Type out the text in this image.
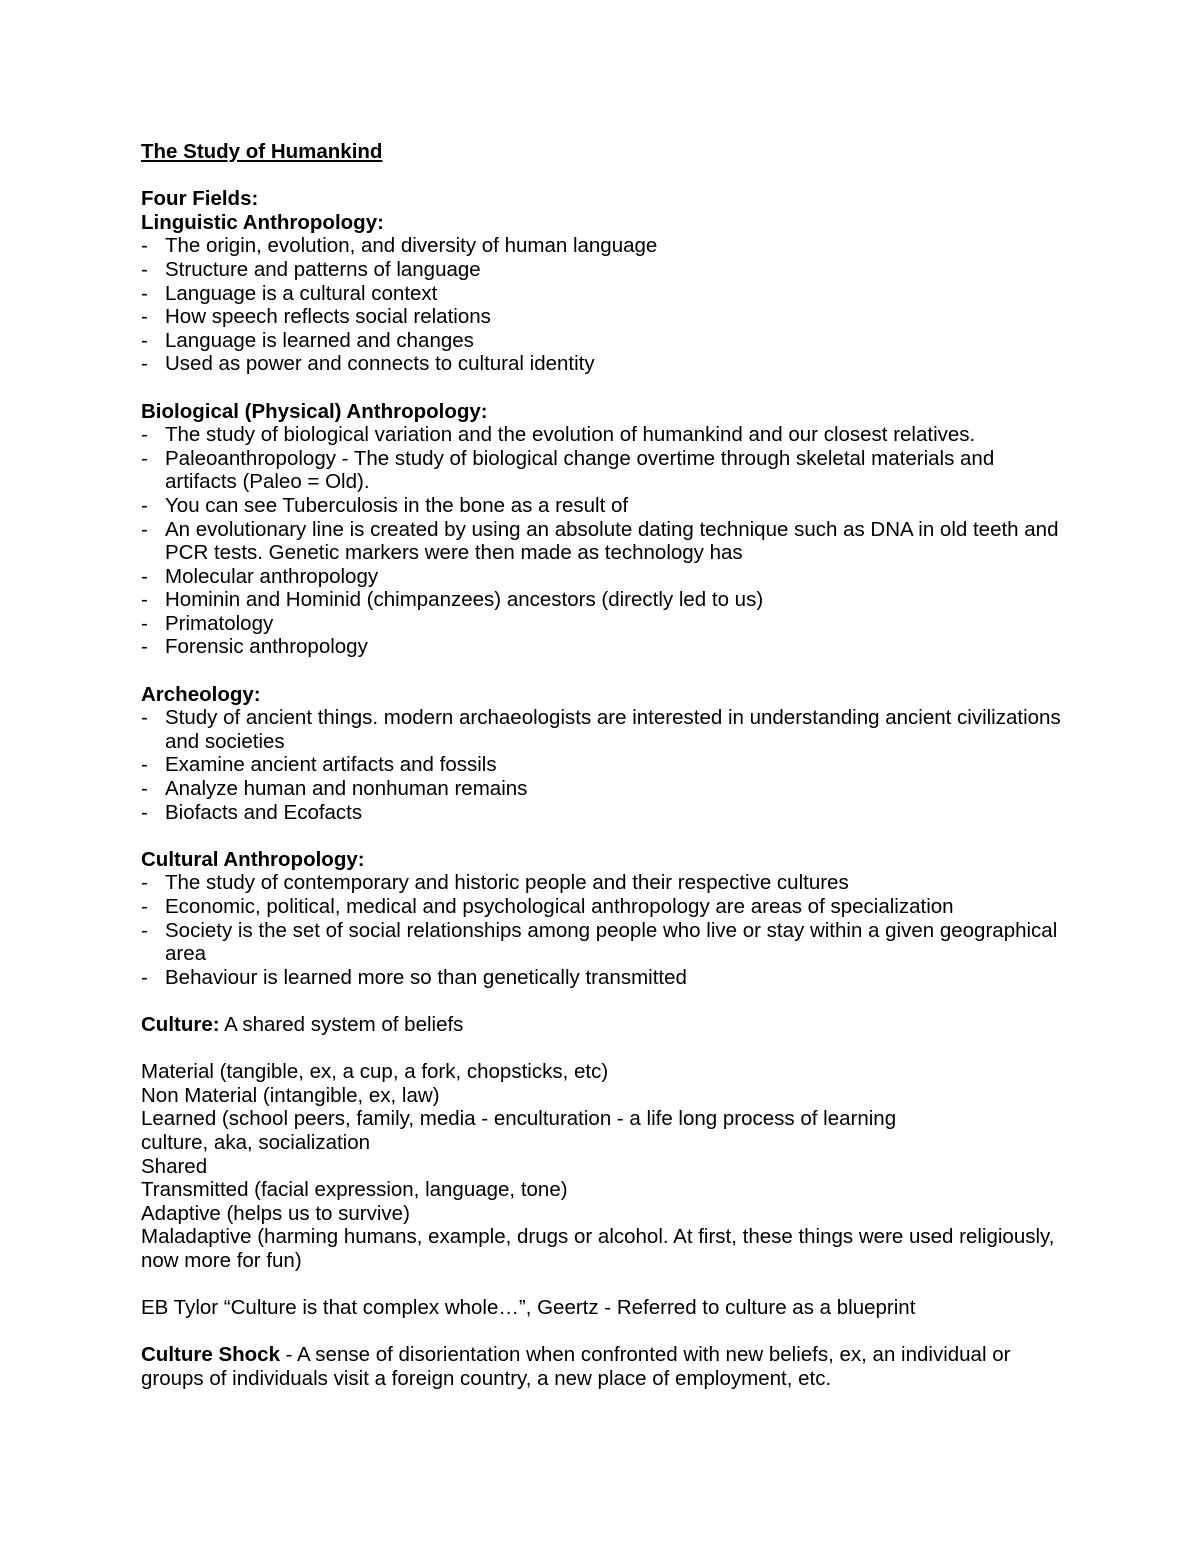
The Study of Humankind

Four Fields:

Linguistic Anthropology:

- The origin, evolution, and diversity of human language
- Structure and patterns of language
- Language is a cultural context
- How speech reflects social relations
- Language is learned and changes
- Used as power and connects to cultural identity

Biological (Physical) Anthropology:

- The study of biological variation and the evolution of humankind and our closest relatives.
- Paleoanthropology - The study of biological change overtime through skeletal materials and artifacts (Paleo = Old).
- You can see Tuberculosis in the bone as a result of
- An evolutionary line is created by using an absolute dating technique such as DNA in old teeth and PCR tests. Genetic markers were then made as technology has
- Molecular anthropology
- Hominin and Hominid (chimpanzees) ancestors (directly led to us)
- Primatology
- Forensic anthropology

Archeology:

- Study of ancient things. modern archaeologists are interested in understanding ancient civilizations and societies
- Examine ancient artifacts and fossils
- Analyze human and nonhuman remains
- Biofacts and Ecofacts

Cultural Anthropology:

- The study of contemporary and historic people and their respective cultures
- Economic, political, medical and psychological anthropology are areas of specialization
- Society is the set of social relationships among people who live or stay within a given geographical area
- Behaviour is learned more so than genetically transmitted

Culture: A shared system of beliefs

Material (tangible, ex, a cup, a fork, chopsticks, etc)

Non Material (intangible, ex, law)

Learned (school peers, family, media - enculturation - a life long process of learning culture, aka, socialization

Shared

Transmitted (facial expression, language, tone)

Adaptive (helps us to survive)

Maladaptive (harming humans, example, drugs or alcohol. At first, these things were used religiously, now more for fun)

EB Tylor “Culture is that complex whole…”, Geertz - Referred to culture as a blueprint

Culture Shock - A sense of disorientation when confronted with new beliefs, ex, an individual or groups of individuals visit a foreign country, a new place of employment, etc.
